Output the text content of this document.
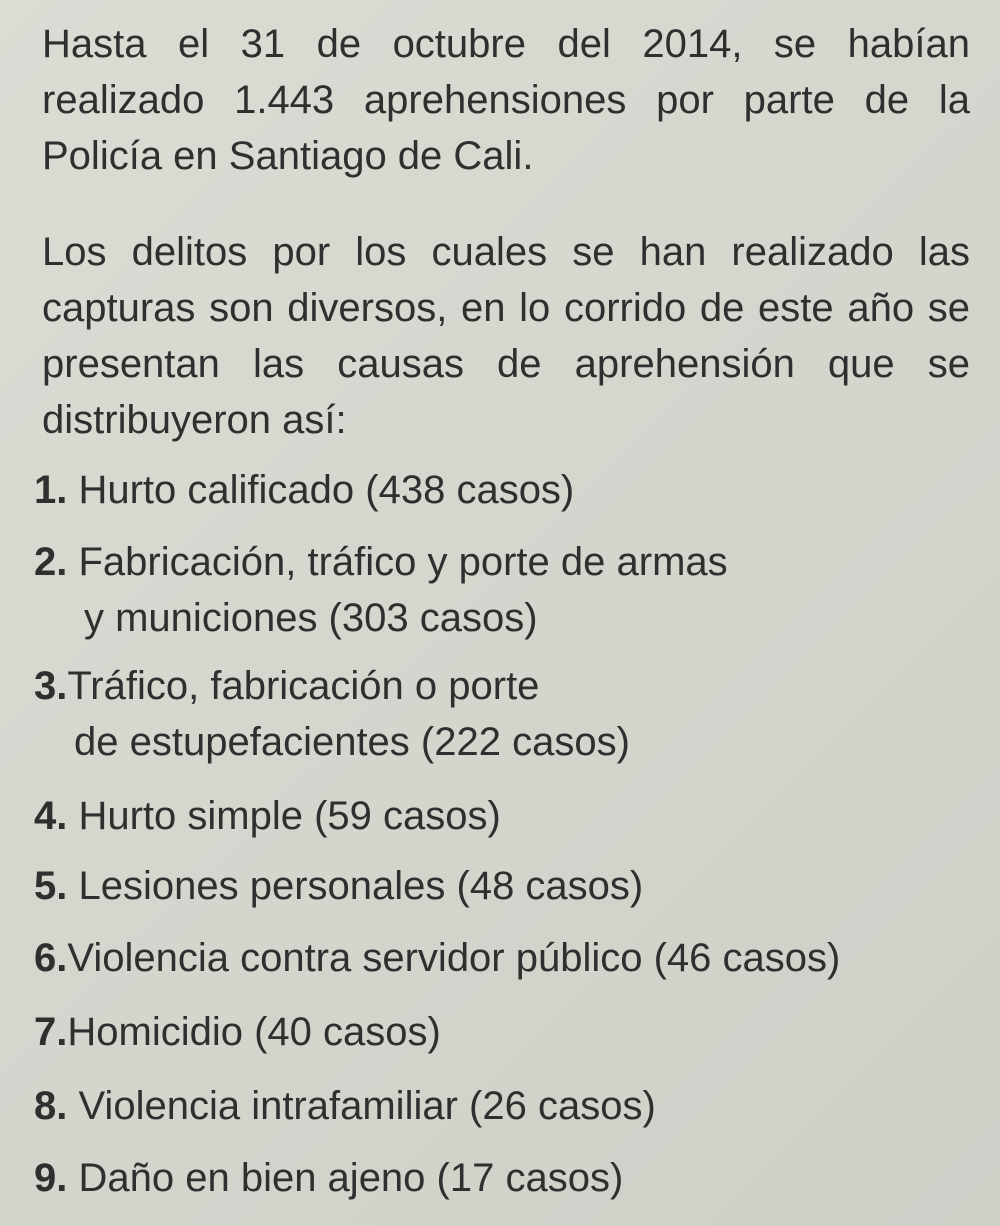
Hasta el 31 de octubre del 2014, se habían realizado 1.443 aprehensiones por parte de la Policía en Santiago de Cali.

Los delitos por los cuales se han realizado las capturas son diversos, en lo corrido de este año se presentan las causas de aprehensión que se distribuyeron así:

1. Hurto calificado (438 casos)
2. Fabricación, tráfico y porte de armas
y municiones (303 casos)
3.Tráfico, fabricación o porte
de estupefacientes (222 casos)
4. Hurto simple (59 casos)
5. Lesiones personales (48 casos)
6.Violencia contra servidor público (46 casos)
7.Homicidio (40 casos)
8. Violencia intrafamiliar (26 casos)
9. Daño en bien ajeno (17 casos)
